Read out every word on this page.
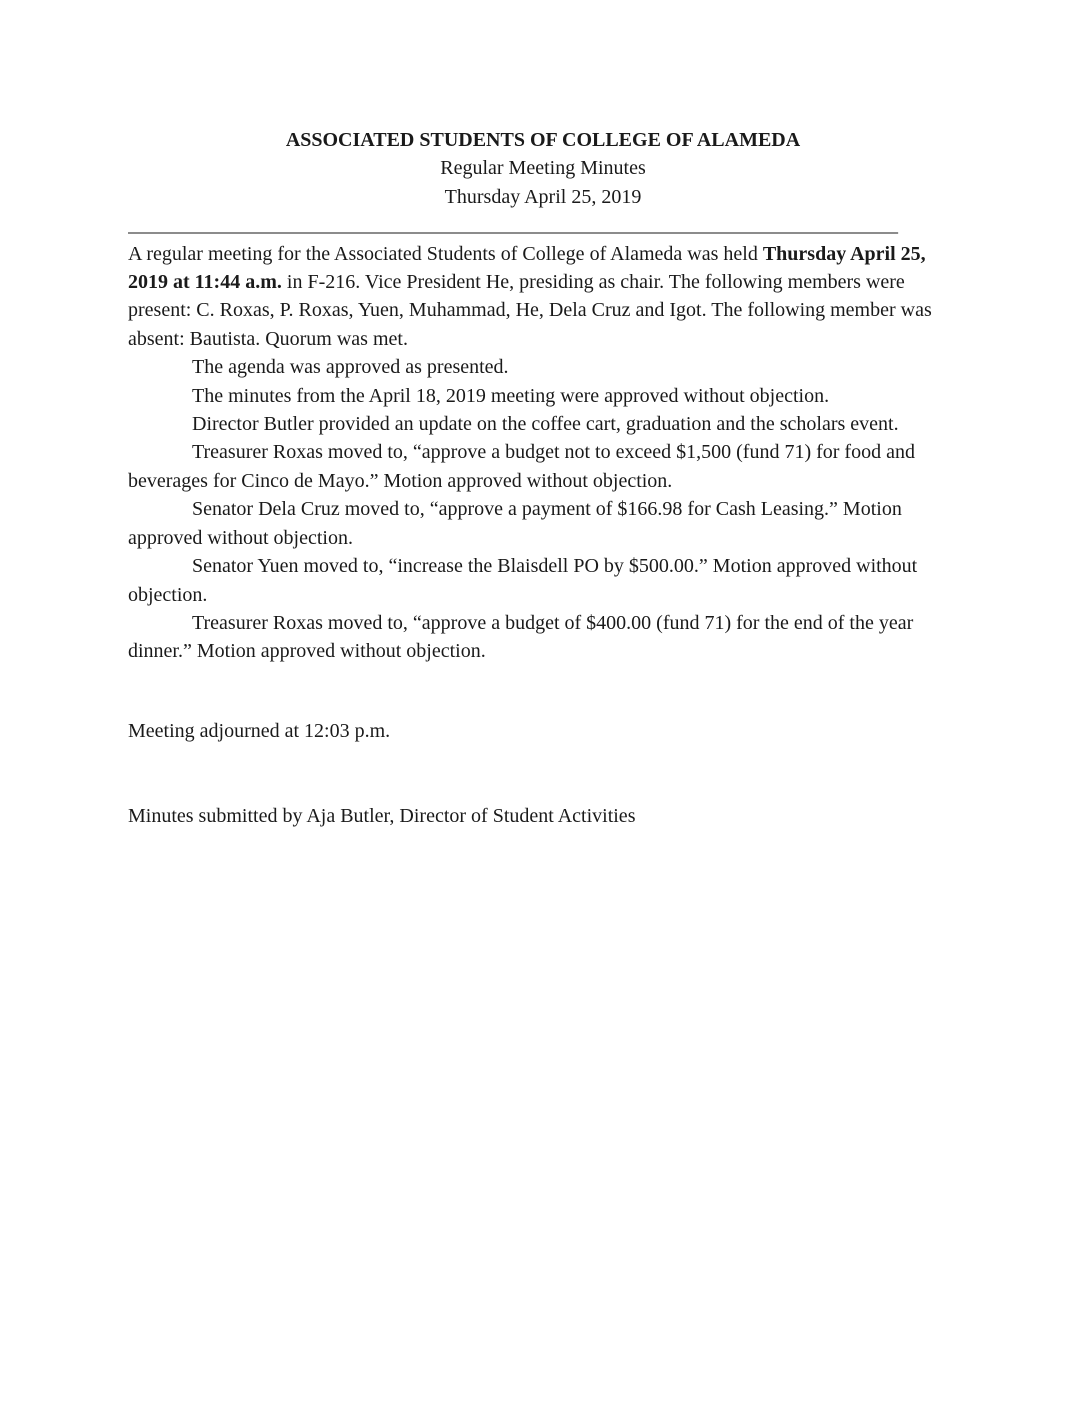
ASSOCIATED STUDENTS OF COLLEGE OF ALAMEDA

Regular Meeting Minutes

Thursday April 25, 2019

_____________________________________________________________________________

A regular meeting for the Associated Students of College of Alameda was held Thursday April 25, 2019 at 11:44 a.m. in F-216. Vice President He, presiding as chair. The following members were present: C. Roxas, P. Roxas, Yuen, Muhammad, He, Dela Cruz and Igot. The following member was absent: Bautista. Quorum was met.

The agenda was approved as presented.

The minutes from the April 18, 2019 meeting were approved without objection.

Director Butler provided an update on the coffee cart, graduation and the scholars event.

Treasurer Roxas moved to, “approve a budget not to exceed $1,500 (fund 71) for food and beverages for Cinco de Mayo.” Motion approved without objection.

Senator Dela Cruz moved to, “approve a payment of $166.98 for Cash Leasing.” Motion approved without objection.

Senator Yuen moved to, “increase the Blaisdell PO by $500.00.” Motion approved without objection.

Treasurer Roxas moved to, “approve a budget of $400.00 (fund 71) for the end of the year dinner.” Motion approved without objection.

Meeting adjourned at 12:03 p.m.

Minutes submitted by Aja Butler, Director of Student Activities
